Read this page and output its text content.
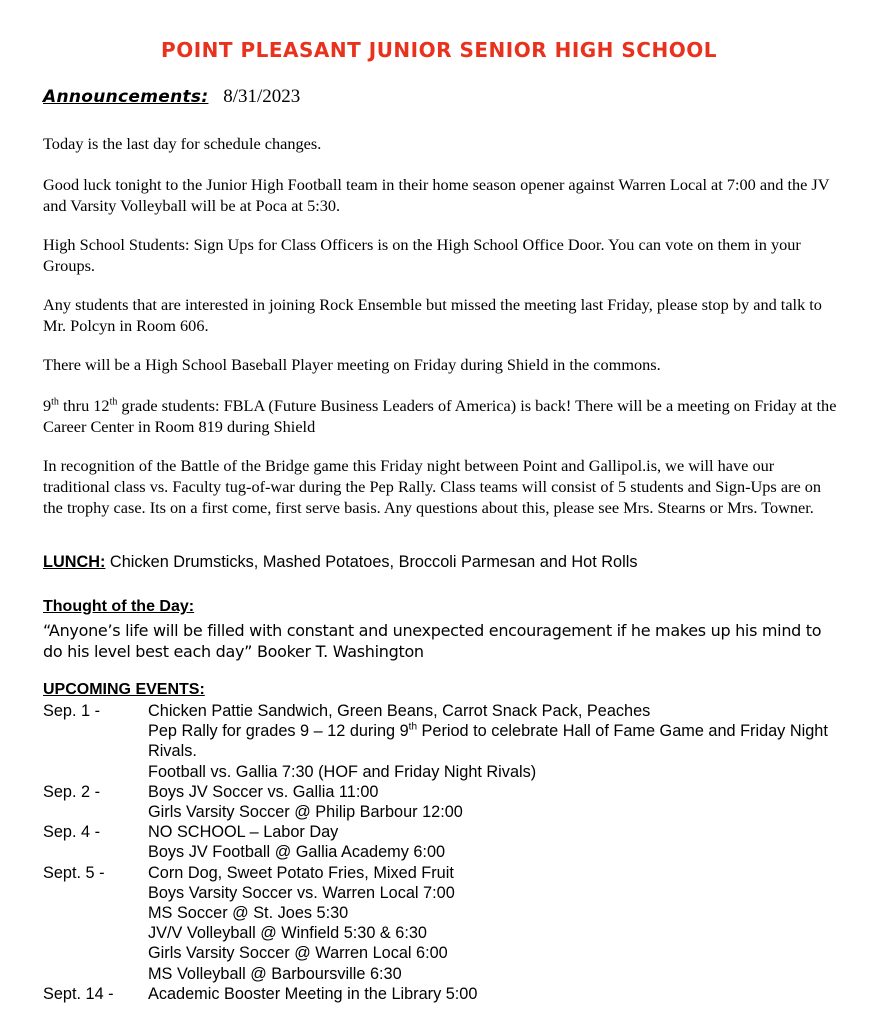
POINT PLEASANT JUNIOR SENIOR HIGH SCHOOL
Announcements: 8/31/2023
Today is the last day for schedule changes.
Good luck tonight to the Junior High Football team in their home season opener against Warren Local at 7:00 and the JV and Varsity Volleyball will be at Poca at 5:30.
High School Students: Sign Ups for Class Officers is on the High School Office Door. You can vote on them in your Groups.
Any students that are interested in joining Rock Ensemble but missed the meeting last Friday, please stop by and talk to Mr. Polcyn in Room 606.
There will be a High School Baseball Player meeting on Friday during Shield in the commons.
9th thru 12th grade students: FBLA (Future Business Leaders of America) is back! There will be a meeting on Friday at the Career Center in Room 819 during Shield
In recognition of the Battle of the Bridge game this Friday night between Point and Gallipol.is, we will have our traditional class vs. Faculty tug-of-war during the Pep Rally. Class teams will consist of 5 students and Sign-Ups are on the trophy case. Its on a first come, first serve basis. Any questions about this, please see Mrs. Stearns or Mrs. Towner.
LUNCH: Chicken Drumsticks, Mashed Potatoes, Broccoli Parmesan and Hot Rolls
Thought of the Day:
“Anyone’s life will be filled with constant and unexpected encouragement if he makes up his mind to do his level best each day” Booker T. Washington
UPCOMING EVENTS:
Sep. 1 -	Chicken Pattie Sandwich, Green Beans, Carrot Snack Pack, Peaches
Pep Rally for grades 9 – 12 during 9th Period to celebrate Hall of Fame Game and Friday Night Rivals.
Football vs. Gallia 7:30 (HOF and Friday Night Rivals)
Sep. 2 -	Boys JV Soccer vs. Gallia 11:00
Girls Varsity Soccer @ Philip Barbour 12:00
Sep. 4 -	NO SCHOOL – Labor Day
Boys JV Football @ Gallia Academy 6:00
Sept. 5 -	Corn Dog, Sweet Potato Fries, Mixed Fruit
Boys Varsity Soccer vs. Warren Local 7:00
MS Soccer @ St. Joes 5:30
JV/V Volleyball @ Winfield 5:30 & 6:30
Girls Varsity Soccer @ Warren Local 6:00
MS Volleyball @ Barboursville 6:30
Sept. 14 -	Academic Booster Meeting in the Library 5:00
